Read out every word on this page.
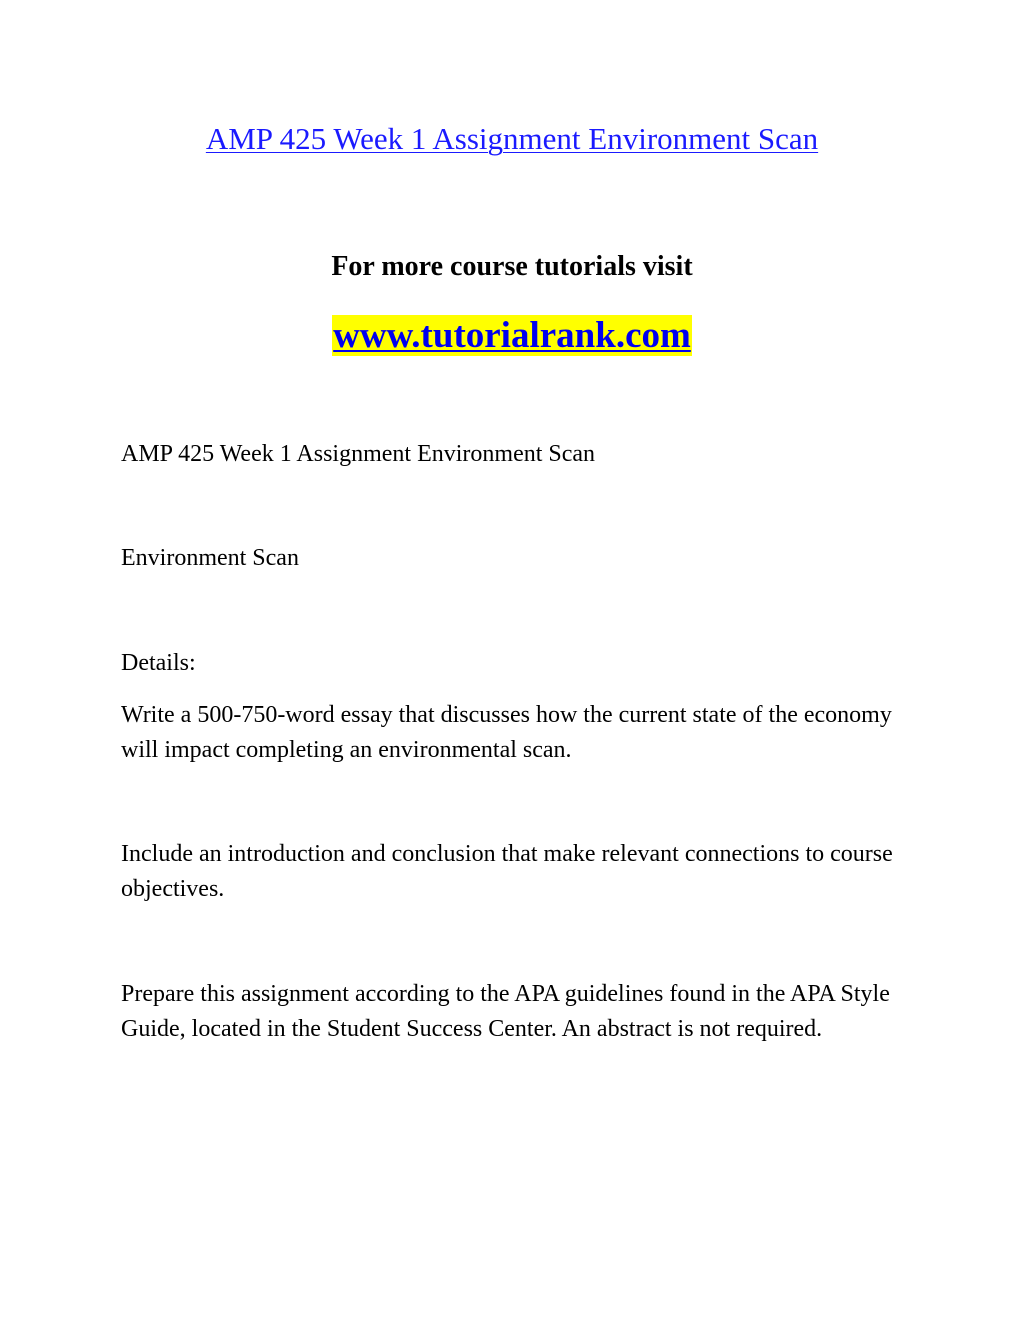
AMP 425 Week 1 Assignment Environment Scan
For more course tutorials visit
www.tutorialrank.com

AMP 425 Week 1 Assignment Environment Scan

Environment Scan

Details:

Write a 500-750-word essay that discusses how the current state of the economy will impact completing an environmental scan.

Include an introduction and conclusion that make relevant connections to course objectives.

Prepare this assignment according to the APA guidelines found in the APA Style Guide, located in the Student Success Center. An abstract is not required.
